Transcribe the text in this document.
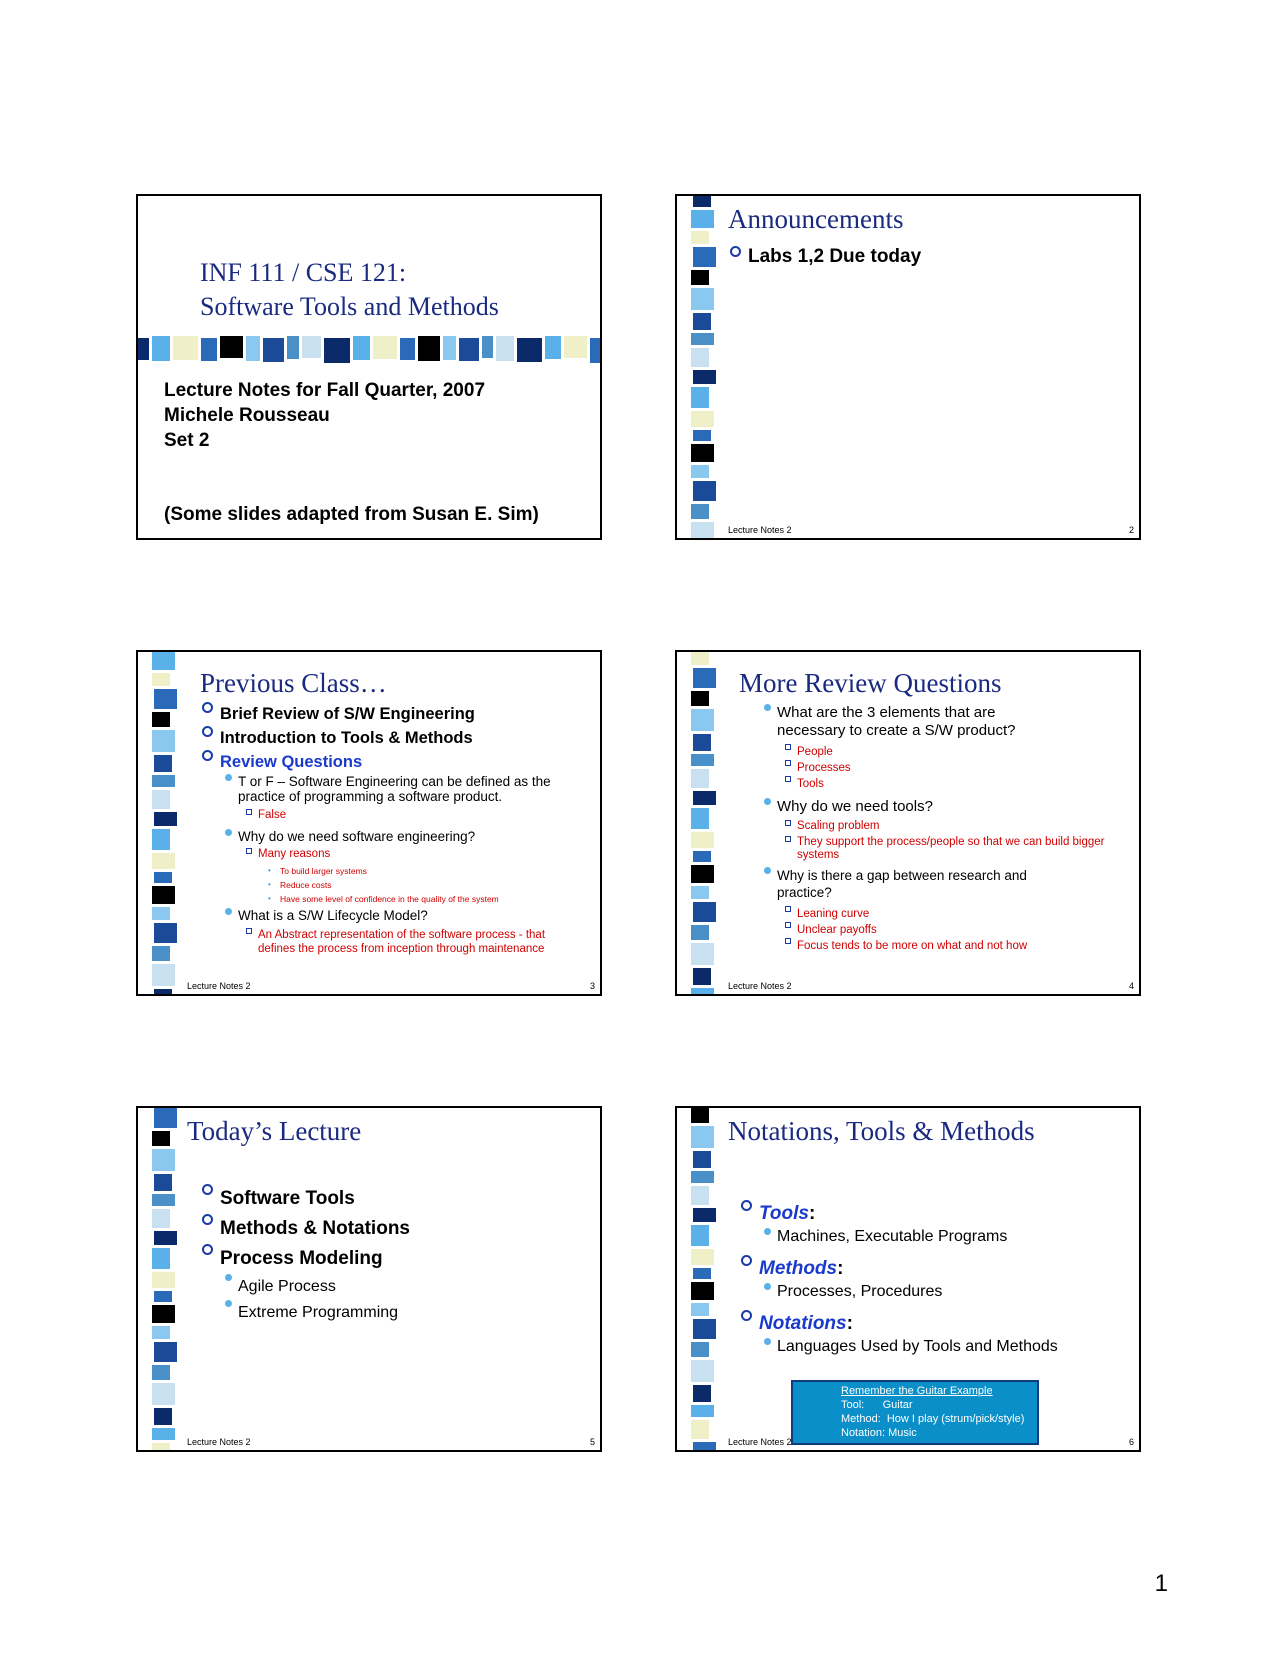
INF 111 / CSE 121:
Software Tools and Methods
Lecture Notes for Fall Quarter, 2007
Michele Rousseau
Set 2
(Some slides adapted from Susan E. Sim)
Announcements
Labs 1,2 Due today
Lecture Notes 2	2
Previous Class…
Brief Review of S/W Engineering
Introduction to Tools & Methods
Review Questions
T or F – Software Engineering can be defined as the practice of programming a software product.
False
Why do we need software engineering?
Many reasons
• To build larger systems
• Reduce costs
• Have some level of confidence in the quality of the system
What is a S/W Lifecycle Model?
An Abstract representation of the software process - that defines the process from inception through maintenance
Lecture Notes 2	3
More Review Questions
What are the 3 elements that are necessary to create a S/W product?
People
Processes
Tools
Why do we need tools?
Scaling problem
They support the process/people so that we can build bigger systems
Why is there a gap between research and practice?
Leaning curve
Unclear payoffs
Focus tends to be more on what and not how
Lecture Notes 2	4
Today’s Lecture
Software Tools
Methods & Notations
Process Modeling
Agile Process
Extreme Programming
Lecture Notes 2	5
Notations, Tools & Methods
Tools:
Machines, Executable Programs
Methods:
Processes, Procedures
Notations:
Languages Used by Tools and Methods
Remember the Guitar Example
Tool:      Guitar
Method:  How I play (strum/pick/style)
Notation: Music
Lecture Notes 2	6
1
